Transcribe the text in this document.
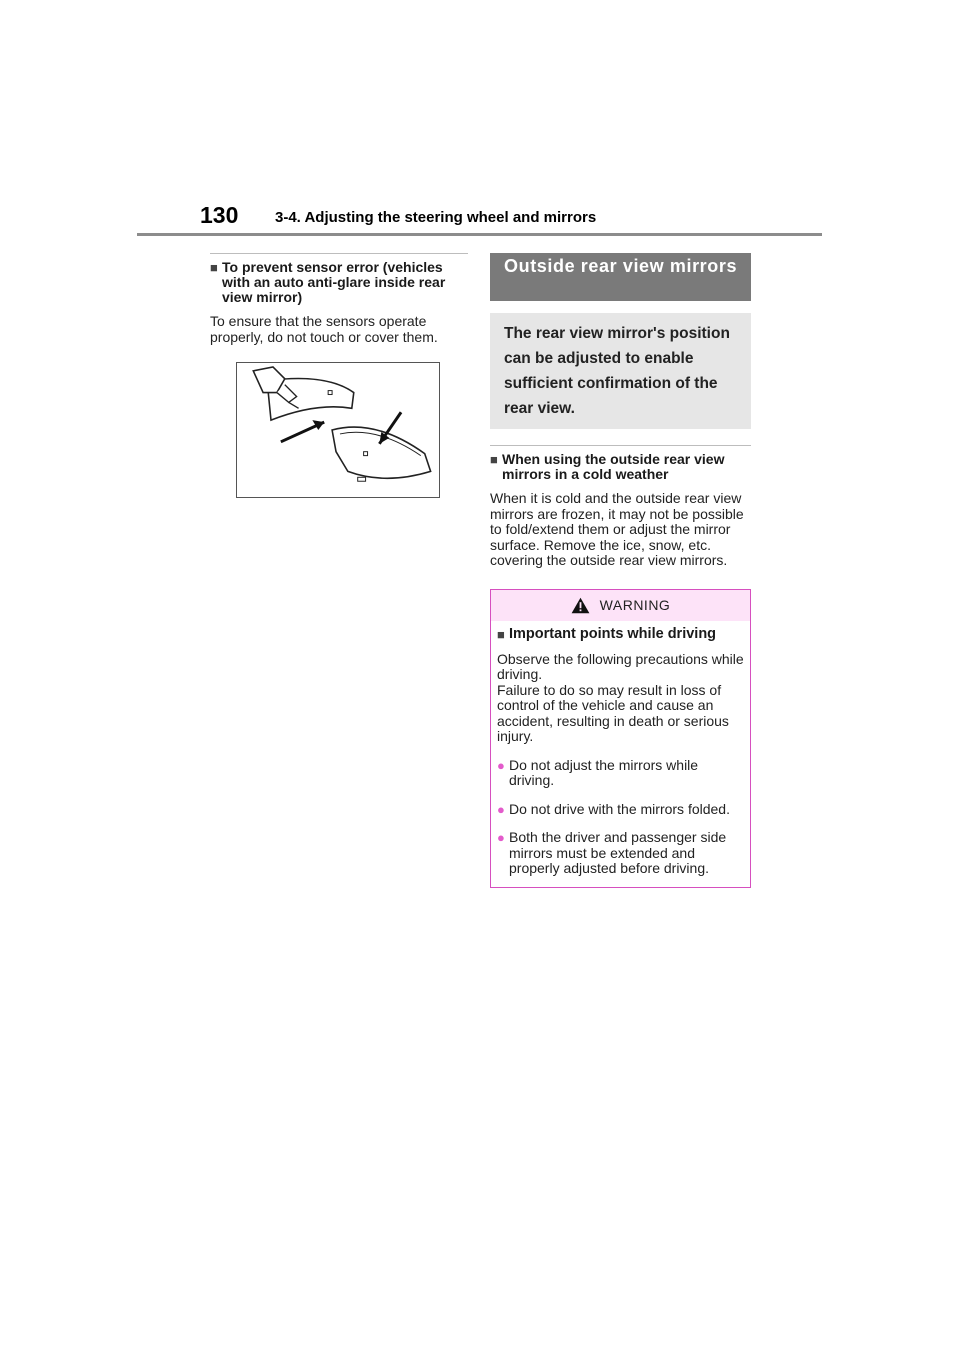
130 3-4. Adjusting the steering wheel and mirrors
■ To prevent sensor error (vehicles with an auto anti-glare inside rear view mirror)
To ensure that the sensors operate properly, do not touch or cover them.
Outside rear view mirrors
The rear view mirror's position can be adjusted to enable sufficient confirmation of the rear view.
■ When using the outside rear view mirrors in a cold weather
When it is cold and the outside rear view mirrors are frozen, it may not be possible to fold/extend them or adjust the mirror surface. Remove the ice, snow, etc. covering the outside rear view mirrors.
WARNING
■ Important points while driving
Observe the following precautions while driving.
Failure to do so may result in loss of control of the vehicle and cause an accident, resulting in death or serious injury.
● Do not adjust the mirrors while driving.
● Do not drive with the mirrors folded.
● Both the driver and passenger side mirrors must be extended and properly adjusted before driving.
